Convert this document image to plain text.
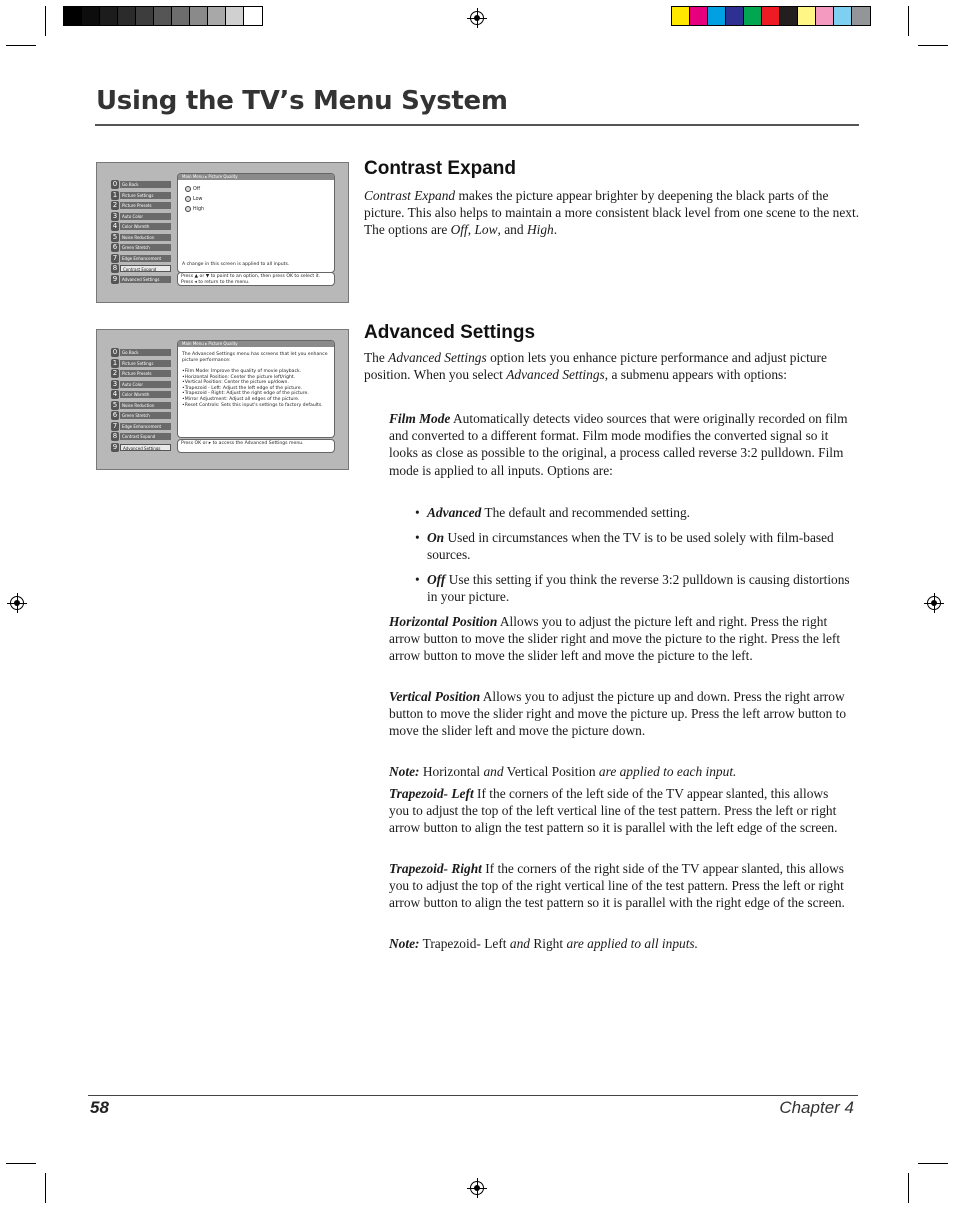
Using the TV’s Menu System
0	Go Back
1	Picture Settings
2	Picture Presets
3	Auto Color
4	Color Warmth
5	Noise Reduction
6	Green Stretch
7	Edge Enhancement
8	Contrast Expand
9	Advanced Settings
Main Menu ▸ Picture Quality
Off
Low
High
A change in this screen is applied to all inputs.
Press ▲ or ▼ to point to an option, then press OK to select it. Press ◂ to return to the menu.
0	Go Back
1	Picture Settings
2	Picture Presets
3	Auto Color
4	Color Warmth
5	Noise Reduction
6	Green Stretch
7	Edge Enhancement
8	Contrast Expand
9	Advanced Settings
Main Menu ▸ Picture Quality
The Advanced Settings menu has screens that let you enhance picture performance:
•Film Mode: Improve the quality of movie playback.
•Horizontal Position: Center the picture left/right.
•Vertical Position: Center the picture up/down.
•Trapezoid - Left: Adjust the left edge of the picture.
•Trapezoid - Right: Adjust the right edge of the picture.
•Mirror Adjustment: Adjust all edges of the picture.
•Reset Controls: Sets this input's settings to factory defaults.
Press OK or ▸ to access the Advanced Settings menu.
Contrast Expand

Contrast Expand makes the picture appear brighter by deepening the black parts of the picture. This also helps to maintain a more consistent black level from one scene to the next. The options are Off, Low, and High.

Advanced Settings

The Advanced Settings option lets you enhance picture performance and adjust picture position. When you select Advanced Settings, a submenu appears with options:

Film Mode Automatically detects video sources that were originally recorded on film and converted to a different format. Film mode modifies the converted signal so it looks as close as possible to the original, a process called reverse 3:2 pulldown. Film mode is applied to all inputs. Options are:

• Advanced The default and recommended setting.

• On Used in circumstances when the TV is to be used solely with film-based sources.

• Off Use this setting if you think the reverse 3:2 pulldown is causing distortions in your picture.

Horizontal Position Allows you to adjust the picture left and right. Press the right arrow button to move the slider right and move the picture to the right. Press the left arrow button to move the slider left and move the picture to the left.

Vertical Position Allows you to adjust the picture up and down. Press the right arrow button to move the slider right and move the picture up. Press the left arrow button to move the slider left and move the picture down.

Note: Horizontal and Vertical Position are applied to each input.

Trapezoid- Left If the corners of the left side of the TV appear slanted, this allows you to adjust the top of the left vertical line of the test pattern. Press the left or right arrow button to align the test pattern so it is parallel with the left edge of the screen.

Trapezoid- Right If the corners of the right side of the TV appear slanted, this allows you to adjust the top of the right vertical line of the test pattern. Press the left or right arrow button to align the test pattern so it is parallel with the right edge of the screen.

Note: Trapezoid- Left and Right are applied to all inputs.

58	Chapter 4
